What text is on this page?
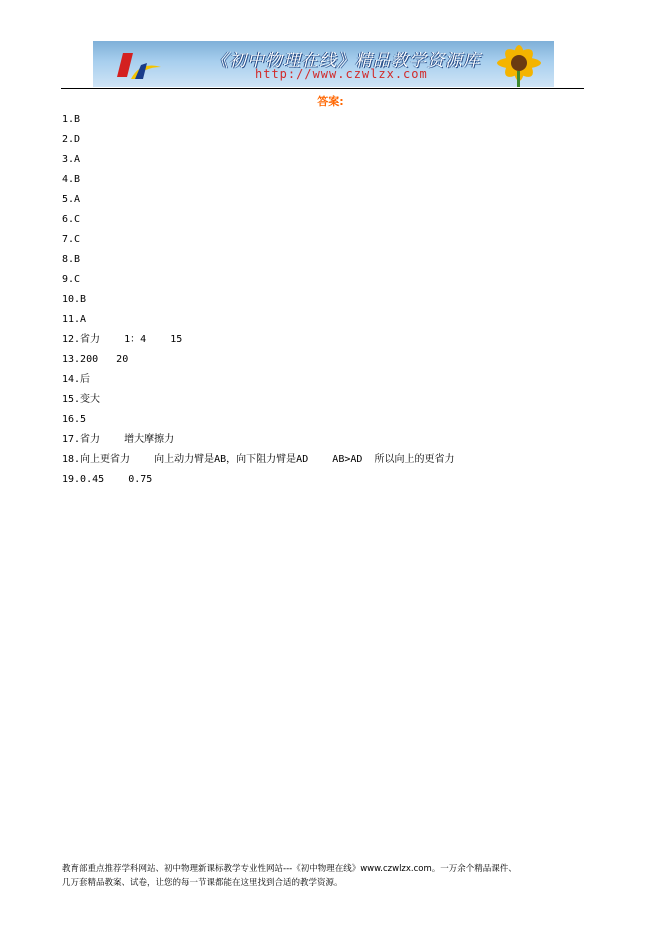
《初中物理在线》精品教学资源库
http://www.czwlzx.com
答案:
1.B
2.D
3.A
4.B
5.A
6.C
7.C
8.B
9.C
10.B
11.A
12.省力    1：4    15
13.200   20
14.后
15.变大
16.5
17.省力    增大摩擦力
18.向上更省力    向上动力臂是AB，向下阻力臂是AD    AB>AD  所以向上的更省力
19.0.45    0.75
教育部重点推荐学科网站、初中物理新课标教学专业性网站---《初中物理在线》www.czwlzx.com。一万余个精品课件、
几万套精品教案、试卷，让您的每一节课都能在这里找到合适的教学资源。
